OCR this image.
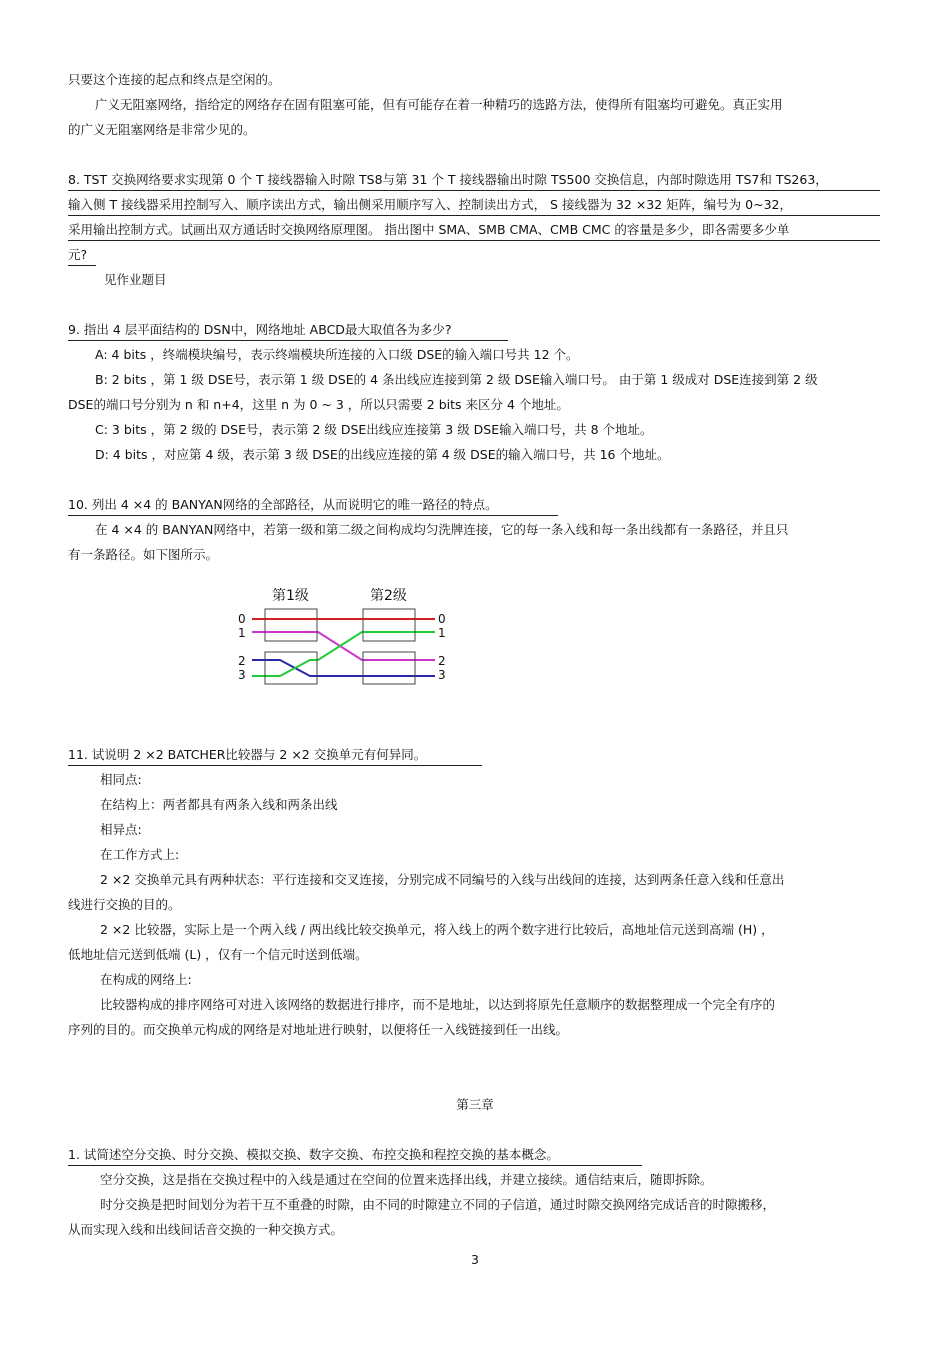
只要这个连接的起点和终点是空闲的。
广义无阻塞网络，指给定的网络存在固有阻塞可能，但有可能存在着一种精巧的选路方法，使得所有阻塞均可避免。真正实用
的广义无阻塞网络是非常少见的。
8. TST 交换网络要求实现第 0 个 T 接线器输入时隙 TS8与第 31 个 T 接线器输出时隙 TS500 交换信息，内部时隙选用 TS7和 TS263，
输入侧 T 接线器采用控制写入、顺序读出方式，输出侧采用顺序写入、控制读出方式， S 接线器为 32 ×32 矩阵，编号为 0~32，
采用输出控制方式。试画出双方通话时交换网络原理图。 指出图中 SMA、SMB CMA、CMB CMC 的容量是多少，即各需要多少单
元?
见作业题目
9. 指出 4 层平面结构的 DSN中，网络地址 ABCD最大取值各为多少?
A: 4 bits ，终端模块编号，表示终端模块所连接的入口级 DSE的输入端口号共 12 个。
B: 2 bits ，第 1 级 DSE号，表示第 1 级 DSE的 4 条出线应连接到第 2 级 DSE输入端口号。 由于第 1 级成对 DSE连接到第 2 级
DSE的端口号分别为 n 和 n+4，这里 n 为 0 ~ 3 ，所以只需要 2 bits 来区分 4 个地址。
C: 3 bits ，第 2 级的 DSE号，表示第 2 级 DSE出线应连接第 3 级 DSE输入端口号，共 8 个地址。
D: 4 bits ，对应第 4 级，表示第 3 级 DSE的出线应连接的第 4 级 DSE的输入端口号，共 16 个地址。
10. 列出 4 ×4 的 BANYAN网络的全部路径，从而说明它的唯一路径的特点。
在 4 ×4 的 BANYAN网络中，若第一级和第二级之间构成均匀洗牌连接，它的每一条入线和每一条出线都有一条路径，并且只
有一条路径。如下图所示。
第1级	第2级
0
1
2
3
0
1
2
3
11. 试说明 2 ×2 BATCHER比较器与 2 ×2 交换单元有何异同。
相同点:
在结构上：两者都具有两条入线和两条出线
相异点:
在工作方式上:
2 ×2 交换单元具有两种状态：平行连接和交叉连接，分别完成不同编号的入线与出线间的连接，达到两条任意入线和任意出
线进行交换的目的。
2 ×2 比较器，实际上是一个两入线 / 两出线比较交换单元，将入线上的两个数字进行比较后，高地址信元送到高端 (H) ，
低地址信元送到低端 (L) ，仅有一个信元时送到低端。
在构成的网络上:
比较器构成的排序网络可对进入该网络的数据进行排序，而不是地址，以达到将原先任意顺序的数据整理成一个完全有序的
序列的目的。而交换单元构成的网络是对地址进行映射，以便将任一入线链接到任一出线。
第三章
1. 试简述空分交换、时分交换、模拟交换、数字交换、布控交换和程控交换的基本概念。
空分交换，这是指在交换过程中的入线是通过在空间的位置来选择出线，并建立接续。通信结束后，随即拆除。
时分交换是把时间划分为若干互不重叠的时隙，由不同的时隙建立不同的子信道，通过时隙交换网络完成话音的时隙搬移，
从而实现入线和出线间话音交换的一种交换方式。
3
